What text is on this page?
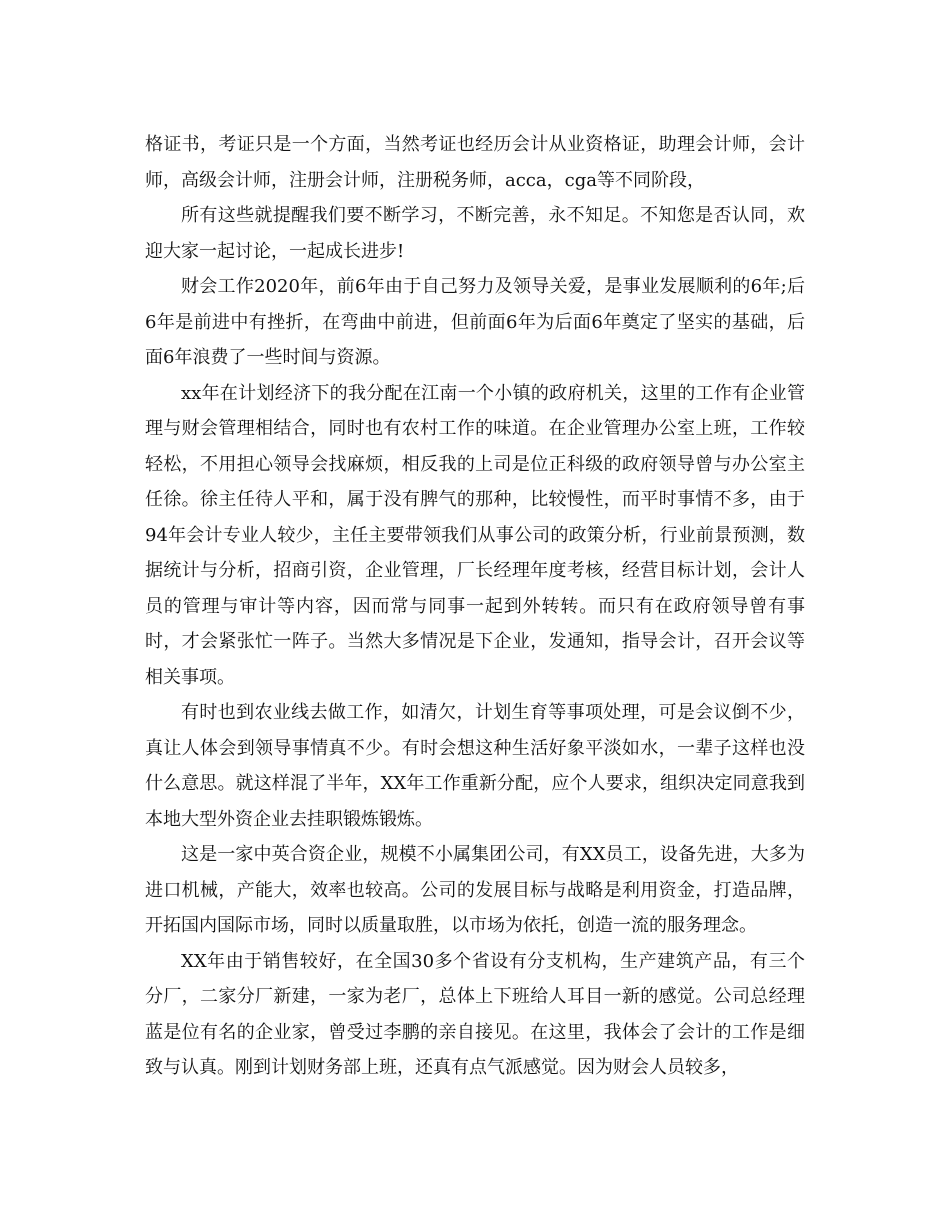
格证书，考证只是一个方面，当然考证也经历会计从业资格证，助理会计师，会计师，高级会计师，注册会计师，注册税务师，acca，cga等不同阶段，

所有这些就提醒我们要不断学习，不断完善，永不知足。不知您是否认同，欢迎大家一起讨论，一起成长进步!

财会工作2020年，前6年由于自己努力及领导关爱，是事业发展顺利的6年;后6年是前进中有挫折，在弯曲中前进，但前面6年为后面6年奠定了坚实的基础，后面6年浪费了一些时间与资源。

xx年在计划经济下的我分配在江南一个小镇的政府机关，这里的工作有企业管理与财会管理相结合，同时也有农村工作的味道。在企业管理办公室上班，工作较轻松，不用担心领导会找麻烦，相反我的上司是位正科级的政府领导曾与办公室主任徐。徐主任待人平和，属于没有脾气的那种，比较慢性，而平时事情不多，由于94年会计专业人较少，主任主要带领我们从事公司的政策分析，行业前景预测，数据统计与分析，招商引资，企业管理，厂长经理年度考核，经营目标计划，会计人员的管理与审计等内容，因而常与同事一起到外转转。而只有在政府领导曾有事时，才会紧张忙一阵子。当然大多情况是下企业，发通知，指导会计，召开会议等相关事项。

有时也到农业线去做工作，如清欠，计划生育等事项处理，可是会议倒不少，真让人体会到领导事情真不少。有时会想这种生活好象平淡如水，一辈子这样也没什么意思。就这样混了半年，XX年工作重新分配，应个人要求，组织决定同意我到本地大型外资企业去挂职锻炼锻炼。

这是一家中英合资企业，规模不小属集团公司，有XX员工，设备先进，大多为进口机械，产能大，效率也较高。公司的发展目标与战略是利用资金，打造品牌，开拓国内国际市场，同时以质量取胜，以市场为依托，创造一流的服务理念。

XX年由于销售较好，在全国30多个省设有分支机构，生产建筑产品，有三个分厂，二家分厂新建，一家为老厂，总体上下班给人耳目一新的感觉。公司总经理蓝是位有名的企业家，曾受过李鹏的亲自接见。在这里，我体会了会计的工作是细致与认真。刚到计划财务部上班，还真有点气派感觉。因为财会人员较多，
